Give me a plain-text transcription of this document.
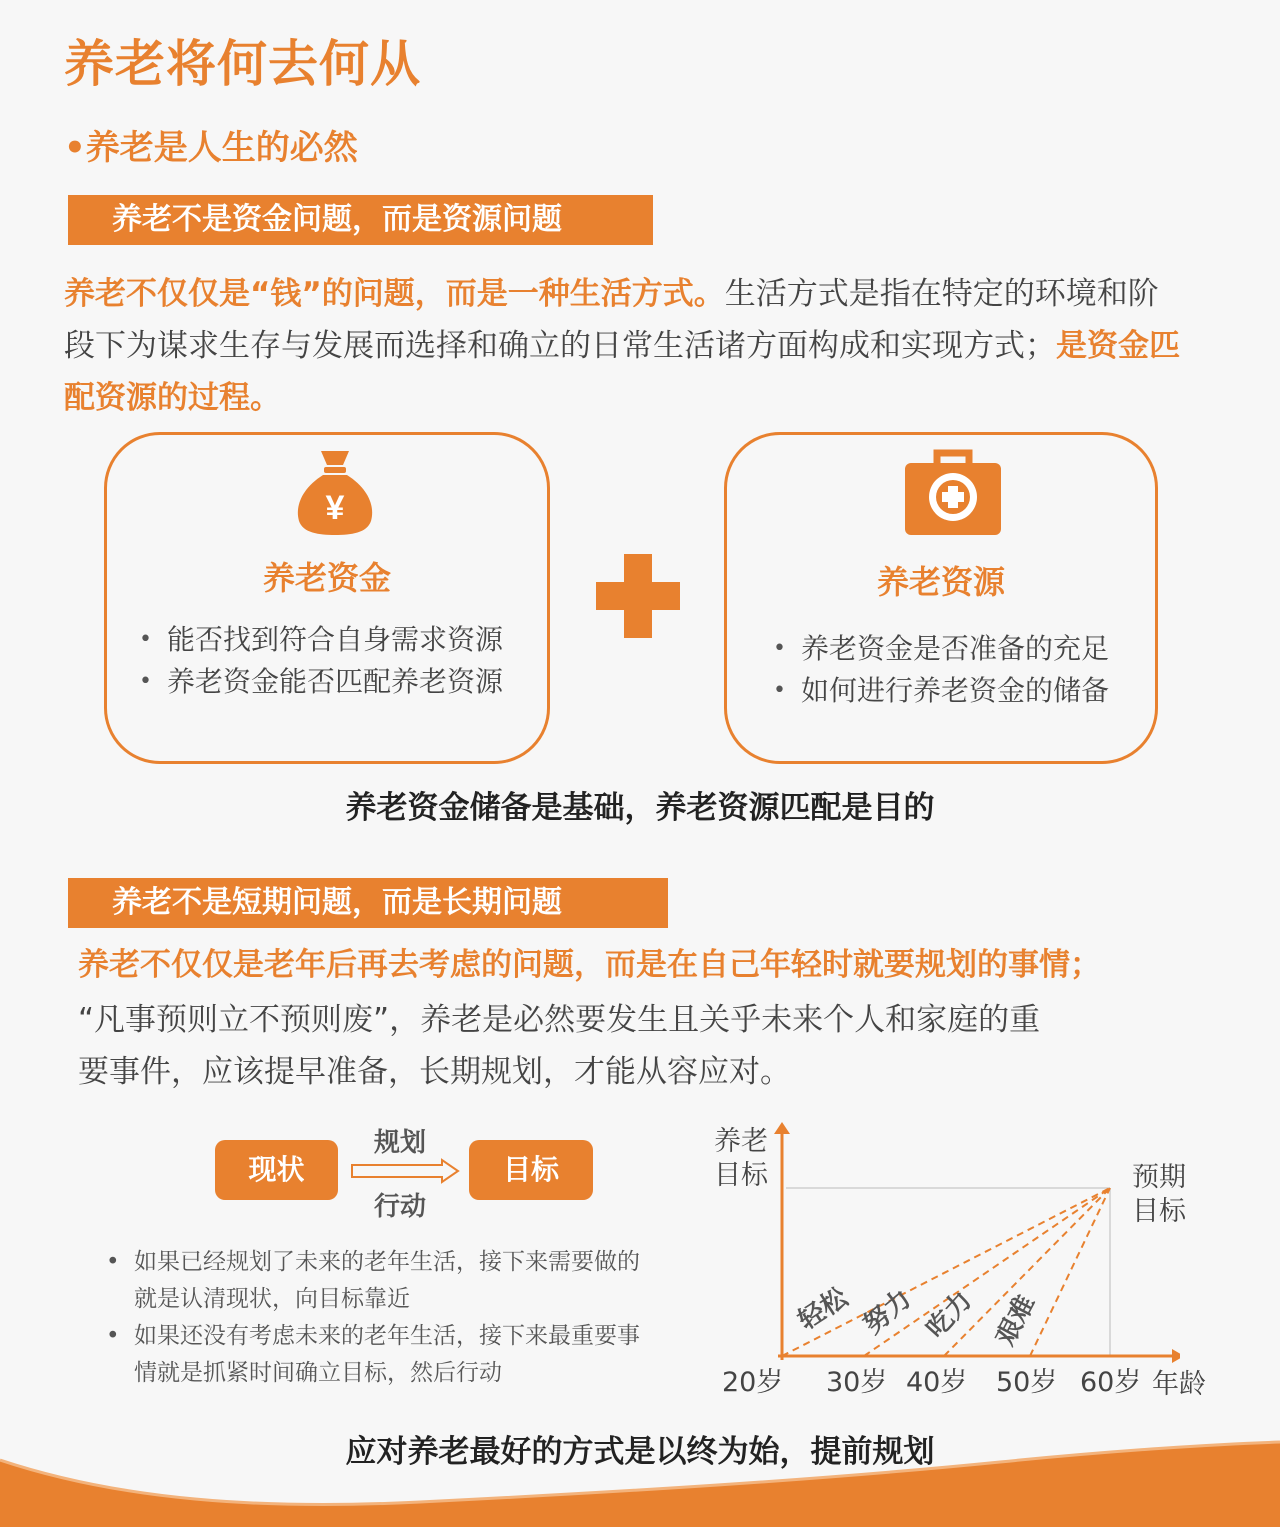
养老将何去何从
•养老是人生的必然
养老不是资金问题，而是资源问题
养老不仅仅是“钱”的问题，而是一种生活方式。生活方式是指在特定的环境和阶段下为谋求生存与发展而选择和确立的日常生活诸方面构成和实现方式；是资金匹配资源的过程。
¥
养老资金
• 能否找到符合自身需求资源
• 养老资金能否匹配养老资源
养老资源
• 养老资金是否准备的充足
• 如何进行养老资金的储备
养老资金储备是基础，养老资源匹配是目的
养老不是短期问题，而是长期问题
养老不仅仅是老年后再去考虑的问题，而是在自己年轻时就要规划的事情；
“凡事预则立不预则废”，养老是必然要发生且关乎未来个人和家庭的重
要事件，应该提早准备，长期规划，才能从容应对。
现状	目标
规划
行动
• 如果已经规划了未来的老年生活，接下来需要做的就是认清现状，向目标靠近
• 如果还没有考虑未来的老年生活，接下来最重要事情就是抓紧时间确立目标，然后行动
养老
目标	预期
目标
20岁 30岁 40岁 50岁 60岁 年龄
轻松 努力 吃力 艰难
应对养老最好的方式是以终为始，提前规划
